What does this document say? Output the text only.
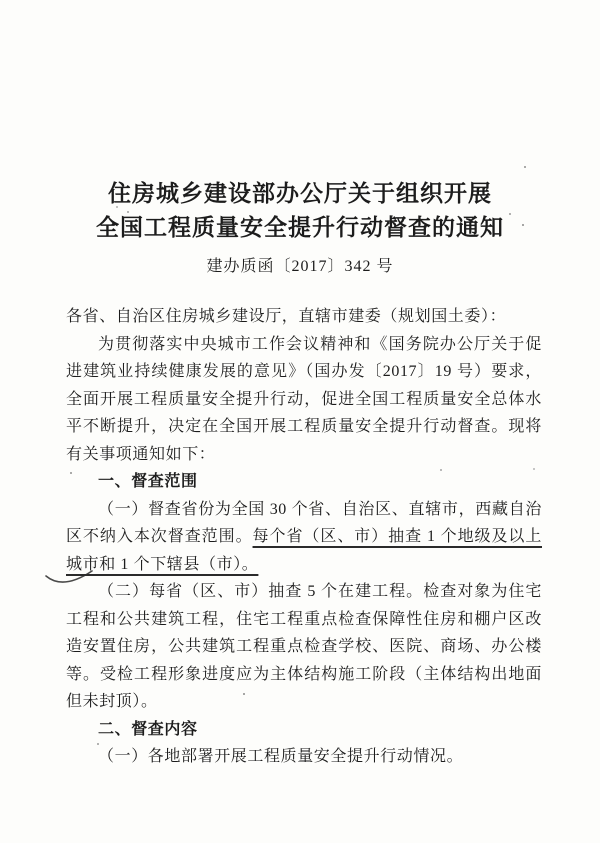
住房城乡建设部办公厅关于组织开展
全国工程质量安全提升行动督查的通知
建办质函〔2017〕342 号

各省、自治区住房城乡建设厅，直辖市建委（规划国土委）：

为贯彻落实中央城市工作会议精神和《国务院办公厅关于促进建筑业持续健康发展的意见》（国办发〔2017〕19 号）要求，全面开展工程质量安全提升行动，促进全国工程质量安全总体水平不断提升，决定在全国开展工程质量安全提升行动督查。现将有关事项通知如下：

一、督查范围

（一）督查省份为全国 30 个省、自治区、直辖市，西藏自治区不纳入本次督查范围。每个省（区、市）抽查 1 个地级及以上城市和 1 个下辖县（市）。

（二）每省（区、市）抽查 5 个在建工程。检查对象为住宅工程和公共建筑工程，住宅工程重点检查保障性住房和棚户区改造安置住房，公共建筑工程重点检查学校、医院、商场、办公楼等。受检工程形象进度应为主体结构施工阶段（主体结构出地面但未封顶）。

二、督查内容

（一）各地部署开展工程质量安全提升行动情况。
